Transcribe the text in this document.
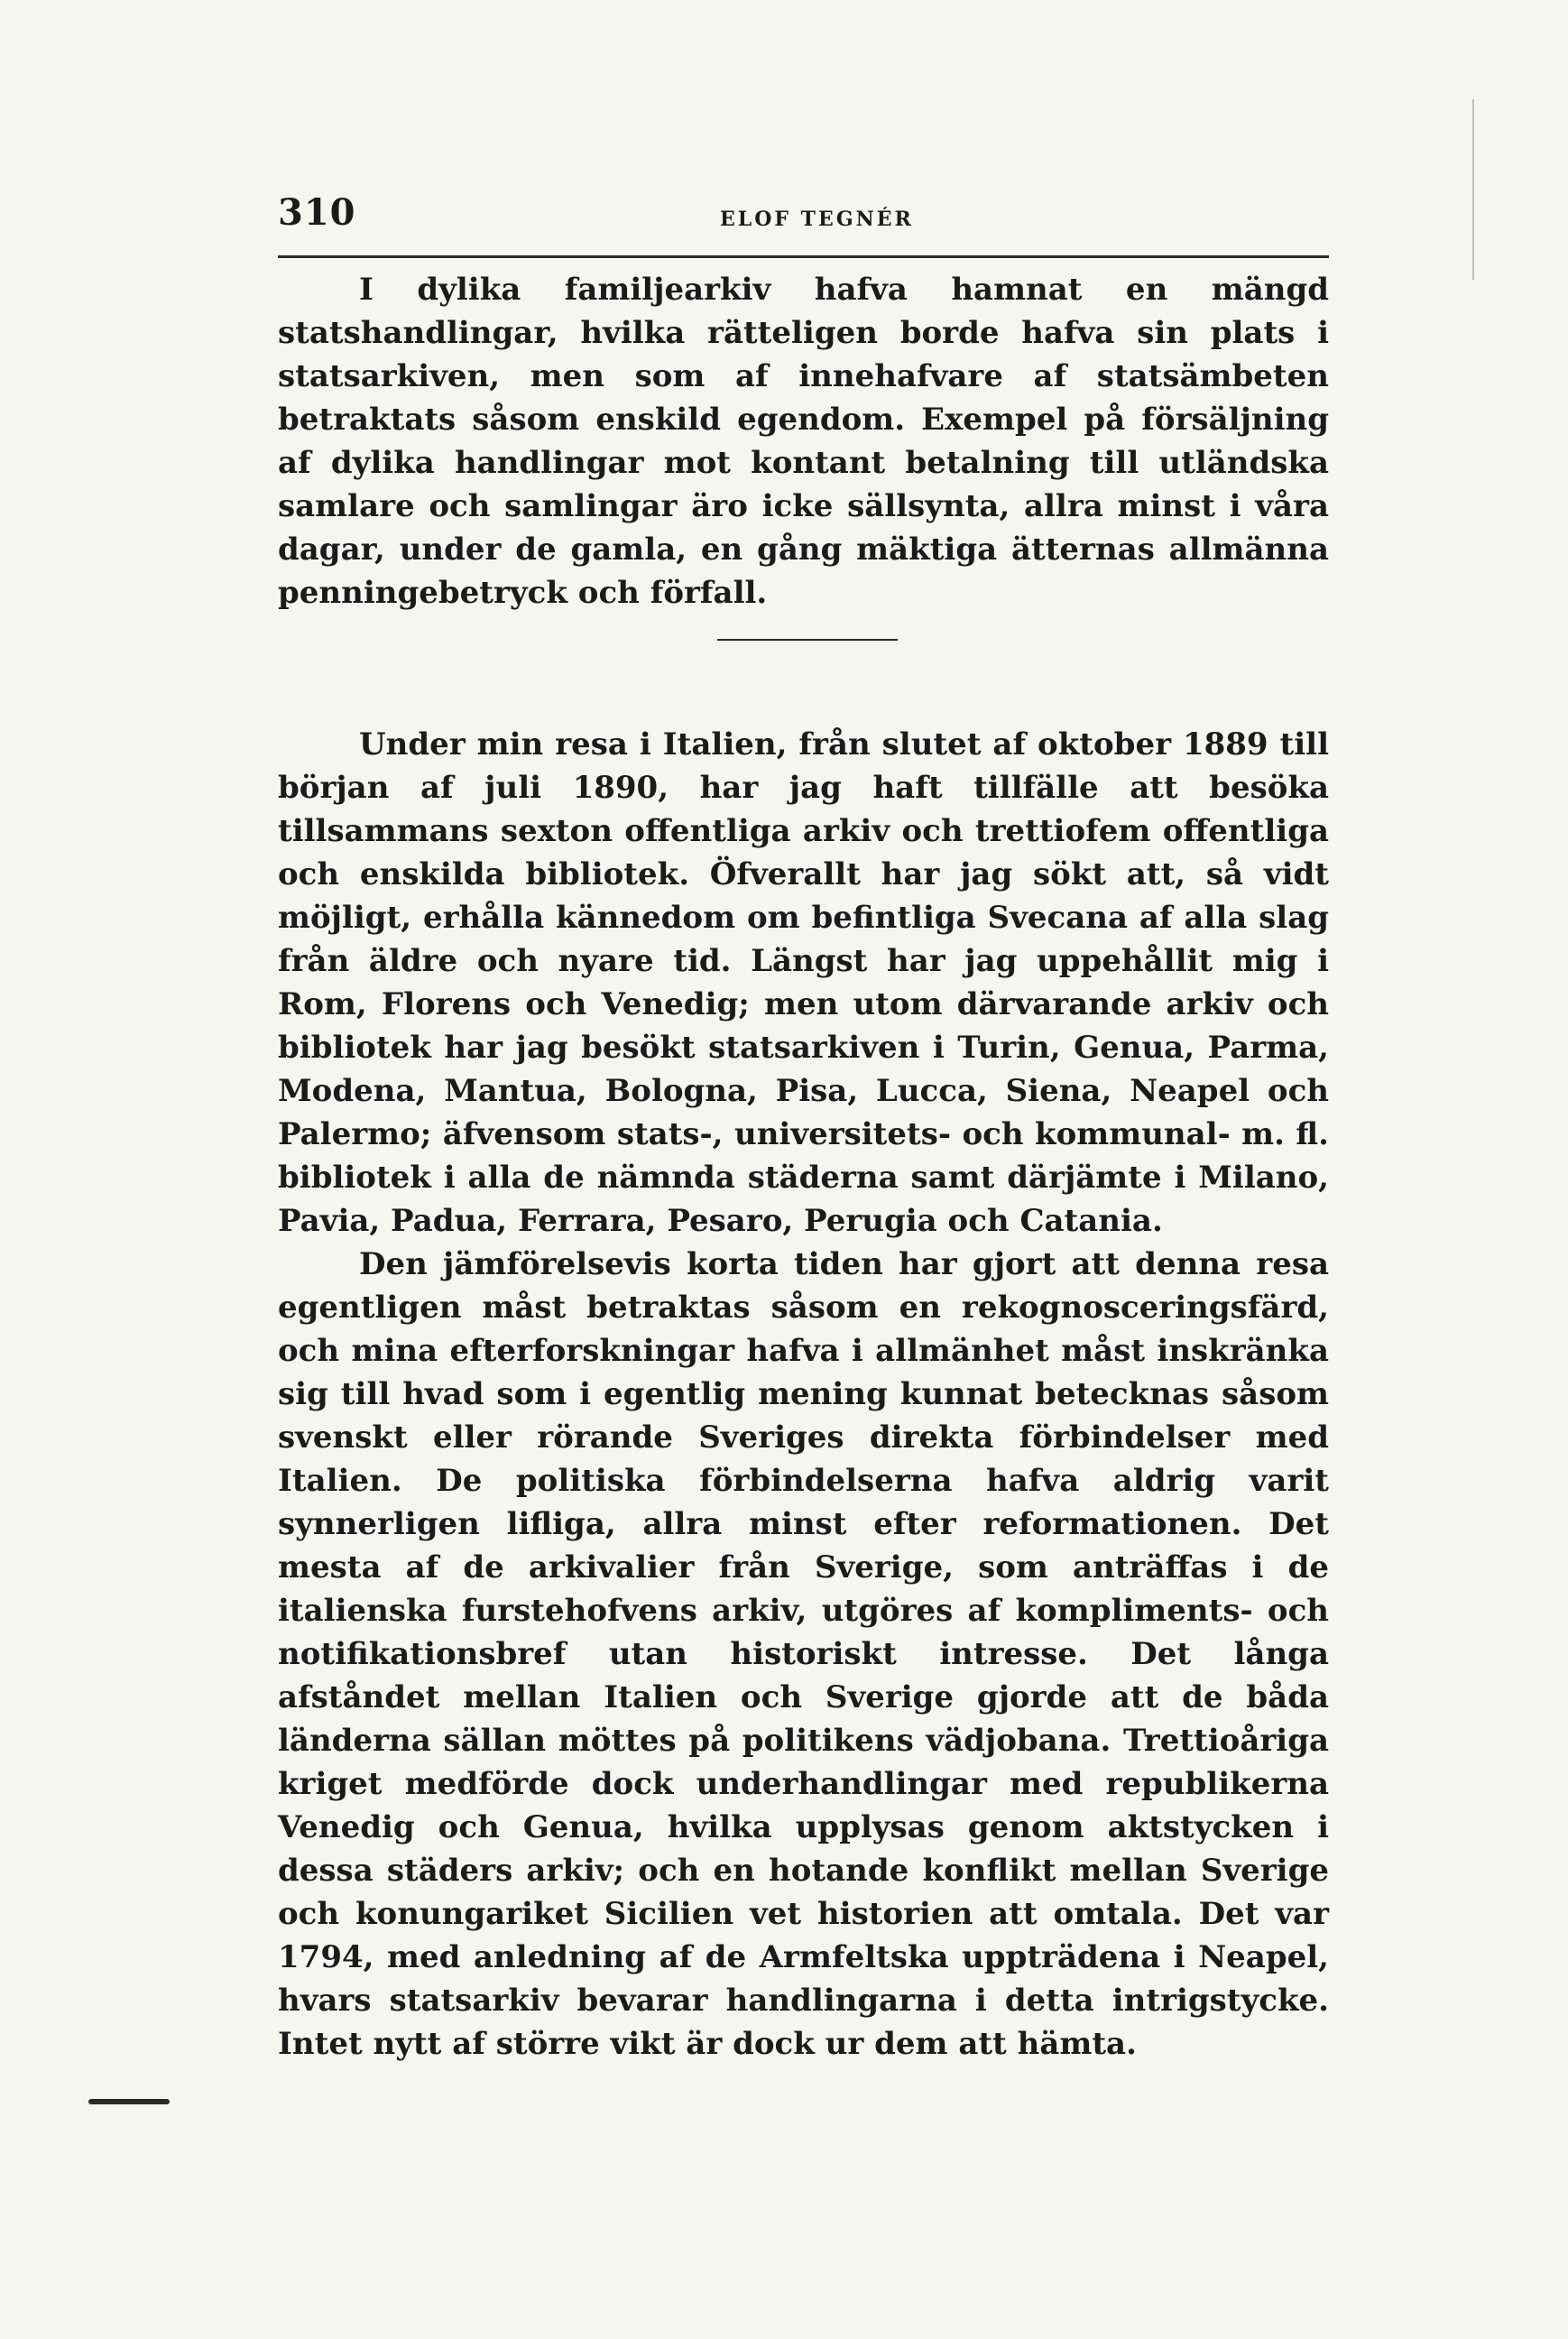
310	ELOF TEGNÉR

I dylika familjearkiv hafva hamnat en mängd statshandlingar, hvilka rätteligen borde hafva sin plats i statsarkiven, men som af innehafvare af statsämbeten betraktats såsom enskild egendom. Exempel på försäljning af dylika handlingar mot kontant betalning till utländska samlare och samlingar äro icke sällsynta, allra minst i våra dagar, under de gamla, en gång mäktiga ätternas allmänna penningebetryck och förfall.

Under min resa i Italien, från slutet af oktober 1889 till början af juli 1890, har jag haft tillfälle att besöka tillsammans sexton offentliga arkiv och trettiofem offentliga och enskilda bibliotek. Öfverallt har jag sökt att, så vidt möjligt, erhålla kännedom om befintliga Svecana af alla slag från äldre och nyare tid. Längst har jag uppehållit mig i Rom, Florens och Venedig; men utom därvarande arkiv och bibliotek har jag besökt statsarkiven i Turin, Genua, Parma, Modena, Mantua, Bologna, Pisa, Lucca, Siena, Neapel och Palermo; äfvensom stats-, universitets- och kommunal- m. fl. bibliotek i alla de nämnda städerna samt därjämte i Milano, Pavia, Padua, Ferrara, Pesaro, Perugia och Catania.

Den jämförelsevis korta tiden har gjort att denna resa egentligen måst betraktas såsom en rekognosceringsfärd, och mina efterforskningar hafva i allmänhet måst inskränka sig till hvad som i egentlig mening kunnat betecknas såsom svenskt eller rörande Sveriges direkta förbindelser med Italien. De politiska förbindelserna hafva aldrig varit synnerligen lifliga, allra minst efter reformationen. Det mesta af de arkivalier från Sverige, som anträffas i de italienska furstehofvens arkiv, utgöres af kompliments- och notifikationsbref utan historiskt intresse. Det långa afståndet mellan Italien och Sverige gjorde att de båda länderna sällan möttes på politikens vädjobana. Trettioåriga kriget medförde dock underhandlingar med republikerna Venedig och Genua, hvilka upplysas genom aktstycken i dessa städers arkiv; och en hotande konflikt mellan Sverige och konungariket Sicilien vet historien att omtala. Det var 1794, med anledning af de Armfeltska uppträdena i Neapel, hvars statsarkiv bevarar handlingarna i detta intrigstycke. Intet nytt af större vikt är dock ur dem att hämta.
